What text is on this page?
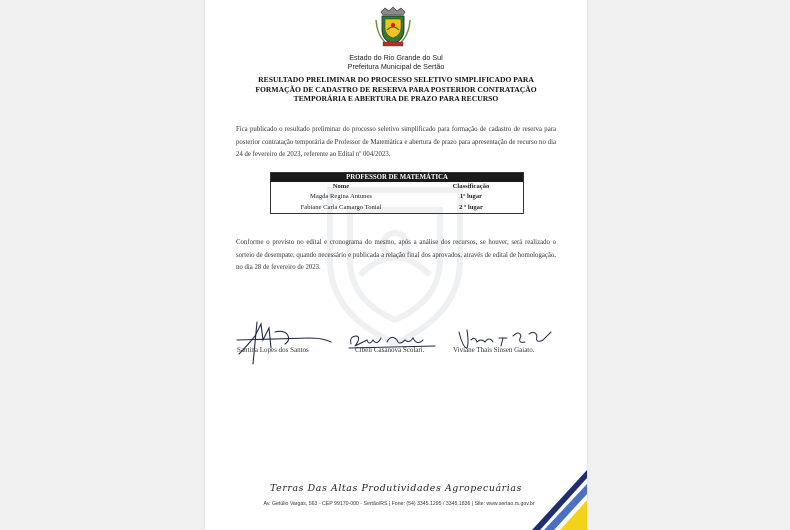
Estado do Rio Grande do Sul
Prefeitura Municipal de Sertão
RESULTADO PRELIMINAR DO PROCESSO SELETIVO SIMPLIFICADO PARA
FORMAÇÃO DE CADASTRO DE RESERVA PARA POSTERIOR CONTRATAÇÃO
TEMPORÁRIA E ABERTURA DE PRAZO PARA RECURSO
Fica publicado o resultado preliminar do processo seletivo simplificado para formação de cadastro de reserva para posterior contratação temporária de Professor de Matemática e abertura de prazo para apresentação de recurso no dia 24 de fevereiro de 2023, referente ao Edital nº 004/2023.
PROFESSOR DE MATEMÁTICA
Nome	Classificação
Magda Regina Antunes	1º lugar
Fabiane Carla Camargo Tonial	2 º lugar
Conforme o previsto no edital e cronograma do mesmo, após a análise dos recursos, se houver, será realizado o sorteio de desempate, quando necessário e publicada a relação final dos aprovados, através de edital de homologação, no dia 28 de fevereiro de 2023.
Santina Lopes dos Santos	Cibeli Casanova Scolari.	Viviane Thaís Sinsen Gaiato.
Terras Das Altas Produtividades Agropecuárias
Av. Getúlio Vargas, 563 - CEP 99170-000 - Sertão/RS | Fone: (54) 3345.1295 / 3345.1836 | Site: www.sertao.rs.gov.br
